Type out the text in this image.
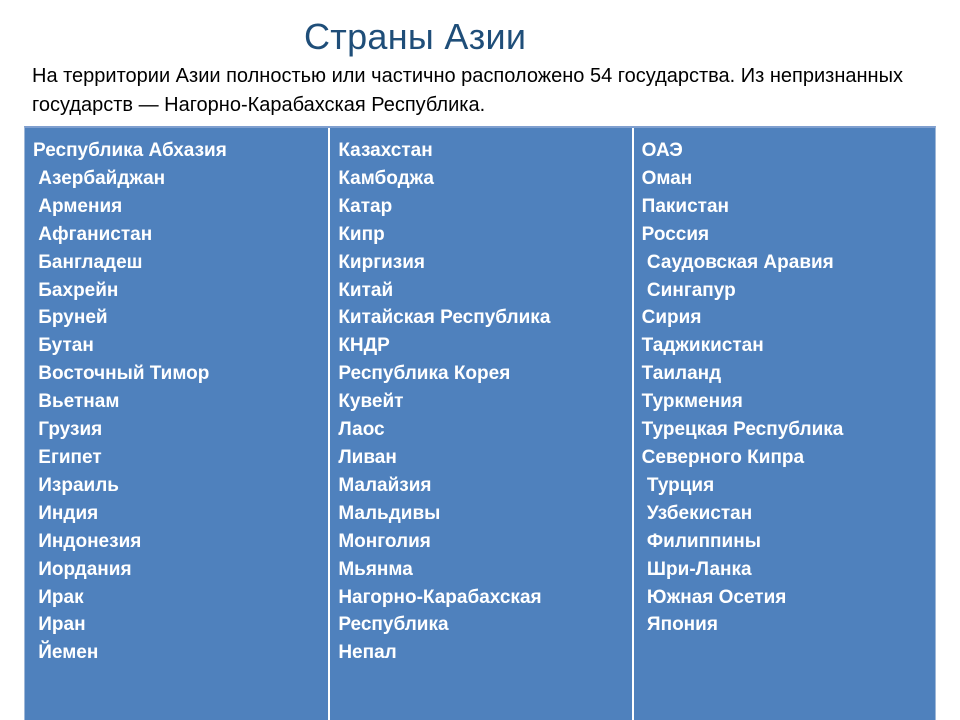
Страны Азии
На территории Азии полностью или частично расположено 54 государства. Из непризнанных государств — Нагорно-Карабахская Республика.
Республика Абхазия
Азербайджан
Армения
Афганистан
Бангладеш
Бахрейн
Бруней
Бутан
Восточный Тимор
Вьетнам
Грузия
Египет
Израиль
Индия
Индонезия
Иордания
Ирак
Иран
Йемен
Казахстан
Камбоджа
Катар
Кипр
Киргизия
Китай
Китайская Республика
КНДР
Республика Корея
Кувейт
Лаос
Ливан
Малайзия
Мальдивы
Монголия
Мьянма
Нагорно-Карабахская
Республика
Непал
ОАЭ
Оман
Пакистан
Россия
Саудовская Аравия
Сингапур
Сирия
Таджикистан
Таиланд
Туркмения
Турецкая Республика
Северного Кипра
Турция
Узбекистан
Филиппины
Шри-Ланка
Южная Осетия
Япония
